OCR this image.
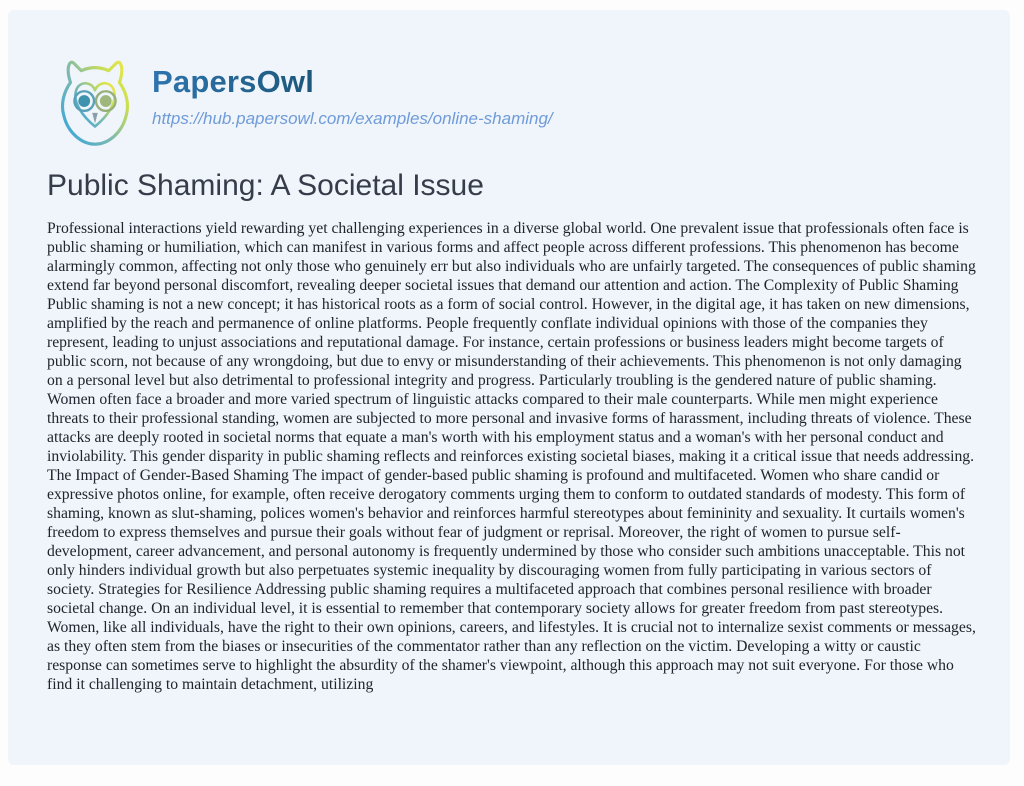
PapersOwl
https://hub.papersowl.com/examples/online-shaming/
Public Shaming: A Societal Issue

Professional interactions yield rewarding yet challenging experiences in a diverse global world. One prevalent issue that professionals often face is public shaming or humiliation, which can manifest in various forms and affect people across different professions. This phenomenon has become alarmingly common, affecting not only those who genuinely err but also individuals who are unfairly targeted. The consequences of public shaming extend far beyond personal discomfort, revealing deeper societal issues that demand our attention and action. The Complexity of Public Shaming Public shaming is not a new concept; it has historical roots as a form of social control. However, in the digital age, it has taken on new dimensions, amplified by the reach and permanence of online platforms. People frequently conflate individual opinions with those of the companies they represent, leading to unjust associations and reputational damage. For instance, certain professions or business leaders might become targets of public scorn, not because of any wrongdoing, but due to envy or misunderstanding of their achievements. This phenomenon is not only damaging on a personal level but also detrimental to professional integrity and progress. Particularly troubling is the gendered nature of public shaming. Women often face a broader and more varied spectrum of linguistic attacks compared to their male counterparts. While men might experience threats to their professional standing, women are subjected to more personal and invasive forms of harassment, including threats of violence. These attacks are deeply rooted in societal norms that equate a man's worth with his employment status and a woman's with her personal conduct and inviolability. This gender disparity in public shaming reflects and reinforces existing societal biases, making it a critical issue that needs addressing. The Impact of Gender-Based Shaming The impact of gender-based public shaming is profound and multifaceted. Women who share candid or expressive photos online, for example, often receive derogatory comments urging them to conform to outdated standards of modesty. This form of shaming, known as slut-shaming, polices women's behavior and reinforces harmful stereotypes about femininity and sexuality. It curtails women's freedom to express themselves and pursue their goals without fear of judgment or reprisal. Moreover, the right of women to pursue self-development, career advancement, and personal autonomy is frequently undermined by those who consider such ambitions unacceptable. This not only hinders individual growth but also perpetuates systemic inequality by discouraging women from fully participating in various sectors of society. Strategies for Resilience Addressing public shaming requires a multifaceted approach that combines personal resilience with broader societal change. On an individual level, it is essential to remember that contemporary society allows for greater freedom from past stereotypes. Women, like all individuals, have the right to their own opinions, careers, and lifestyles. It is crucial not to internalize sexist comments or messages, as they often stem from the biases or insecurities of the commentator rather than any reflection on the victim. Developing a witty or caustic response can sometimes serve to highlight the absurdity of the shamer's viewpoint, although this approach may not suit everyone. For those who find it challenging to maintain detachment, utilizing
